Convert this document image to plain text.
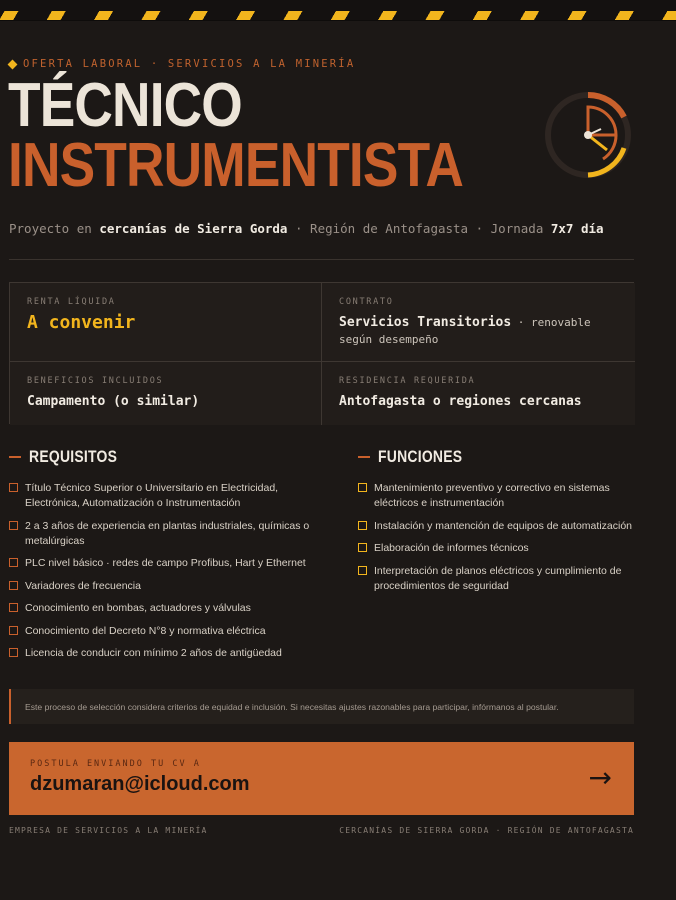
OFERTA LABORAL · SERVICIOS A LA MINERÍA
TÉCNICO
INSTRUMENTISTA
Proyecto en cercanías de Sierra Gorda · Región de Antofagasta · Jornada 7x7 día
RENTA LÍQUIDA
A convenir
CONTRATO
Servicios Transitorios · renovable según desempeño
BENEFICIOS INCLUIDOS
Campamento (o similar)
RESIDENCIA REQUERIDA
Antofagasta o regiones cercanas
REQUISITOS
Título Técnico Superior o Universitario en Electricidad, Electrónica, Automatización o Instrumentación
2 a 3 años de experiencia en plantas industriales, químicas o metalúrgicas
PLC nivel básico · redes de campo Profibus, Hart y Ethernet
Variadores de frecuencia
Conocimiento en bombas, actuadores y válvulas
Conocimiento del Decreto N°8 y normativa eléctrica
Licencia de conducir con mínimo 2 años de antigüedad
FUNCIONES
Mantenimiento preventivo y correctivo en sistemas eléctricos e instrumentación
Instalación y mantención de equipos de automatización
Elaboración de informes técnicos
Interpretación de planos eléctricos y cumplimiento de procedimientos de seguridad
Este proceso de selección considera criterios de equidad e inclusión. Si necesitas ajustes razonables para participar, infórmanos al postular.
POSTULA ENVIANDO TU CV A
dzumaran@icloud.com	→
EMPRESA DE SERVICIOS A LA MINERÍA	CERCANÍAS DE SIERRA GORDA · REGIÓN DE ANTOFAGASTA
